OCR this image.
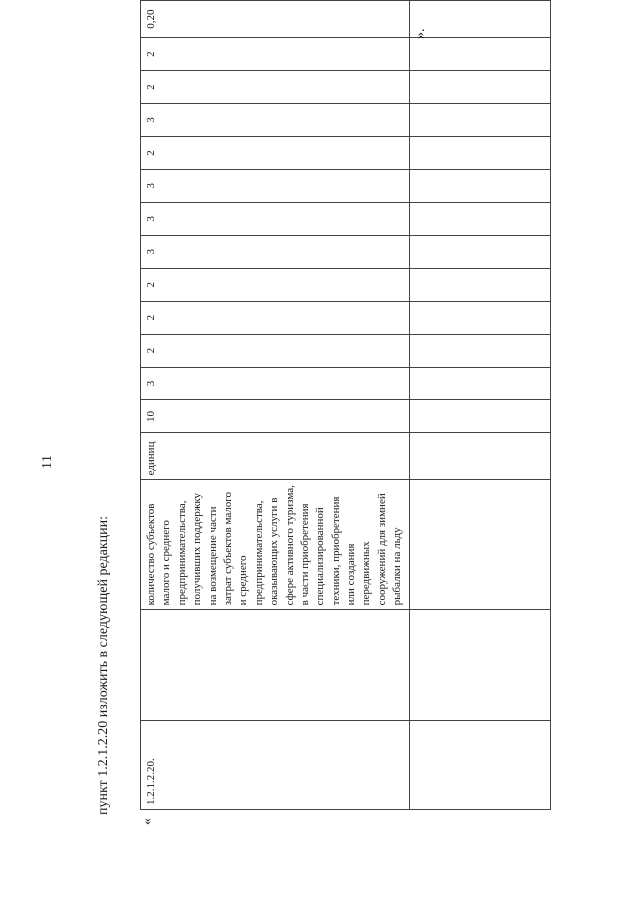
11
пункт 1.2.1.2.20 изложить в следующей редакции:
«
1.2.1.2.20.		количество субъектов малого и среднего предпринимательства, получивших поддержку на возмещение части затрат субъектов малого и среднего предпринимательства, оказывающих услуги в сфере активного туризма, в части приобретения специализированной техники, приобретения или создания передвижных сооружений для зимней рыбалки на льду	единиц	10	3	2	2	2	3	3	3	2	3	2	2	0,20

».
